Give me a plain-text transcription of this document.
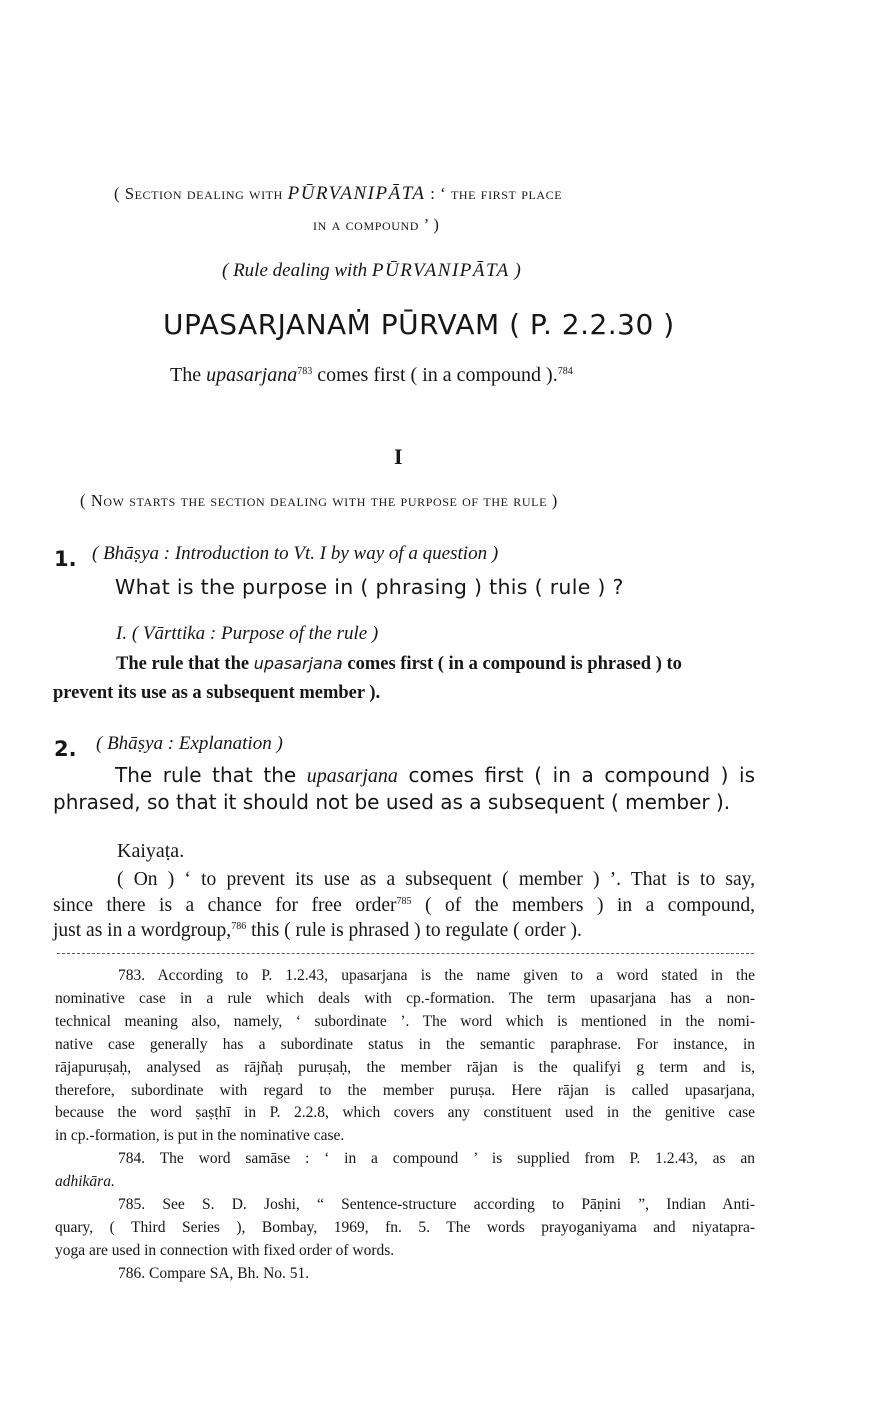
( Section dealing with PŪRVANIPĀTA : ‘ the first place
in a compound ’ )
( Rule dealing with PŪRVANIPĀTA )
UPASARJANAṀ PŪRVAM ( P. 2.2.30 )
The upasarjana$^{783}$ comes first ( in a compound ).$^{784}$
I
( Now starts the section dealing with the purpose of the rule )
1. ( Bhāṣya : Introduction to Vt. I by way of a question )
What is the purpose in ( phrasing ) this ( rule ) ?
I. ( Vārttika : Purpose of the rule )
The rule that the upasarjana comes first ( in a compound is phrased ) to
prevent its use as a subsequent member ).
2. ( Bhāṣya : Explanation )
The rule that the upasarjana comes first ( in a compound ) is
phrased, so that it should not be used as a subsequent ( member ).
Kaiyaṭa.
( On ) ‘ to prevent its use as a subsequent ( member ) ’. That is to say,
since there is a chance for free order$^{785}$ ( of the members ) in a compound,
just as in a wordgroup,$^{786}$ this ( rule is phrased ) to regulate ( order ).
783. According to P. 1.2.43, upasarjana is the name given to a word stated in the
nominative case in a rule which deals with cp.-formation. The term upasarjana has a non-
technical meaning also, namely, ‘ subordinate ’. The word which is mentioned in the nomi-
native case generally has a subordinate status in the semantic paraphrase. For instance, in
rājapuruṣaḥ, analysed as rājñaḥ puruṣaḥ, the member rājan is the qualifyi g term and is,
therefore, subordinate with regard to the member puruṣa. Here rājan is called upasarjana,
because the word ṣaṣṭhī in P. 2.2.8, which covers any constituent used in the genitive case
in cp.-formation, is put in the nominative case.
784. The word samāse : ‘ in a compound ’ is supplied from P. 1.2.43, as an
adhikāra.
785. See S. D. Joshi, “ Sentence-structure according to Pāṇini ”, Indian Anti-
quary, ( Third Series ), Bombay, 1969, fn. 5. The words prayoganiyama and niyatapra-
yoga are used in connection with fixed order of words.
786. Compare SA, Bh. No. 51.
